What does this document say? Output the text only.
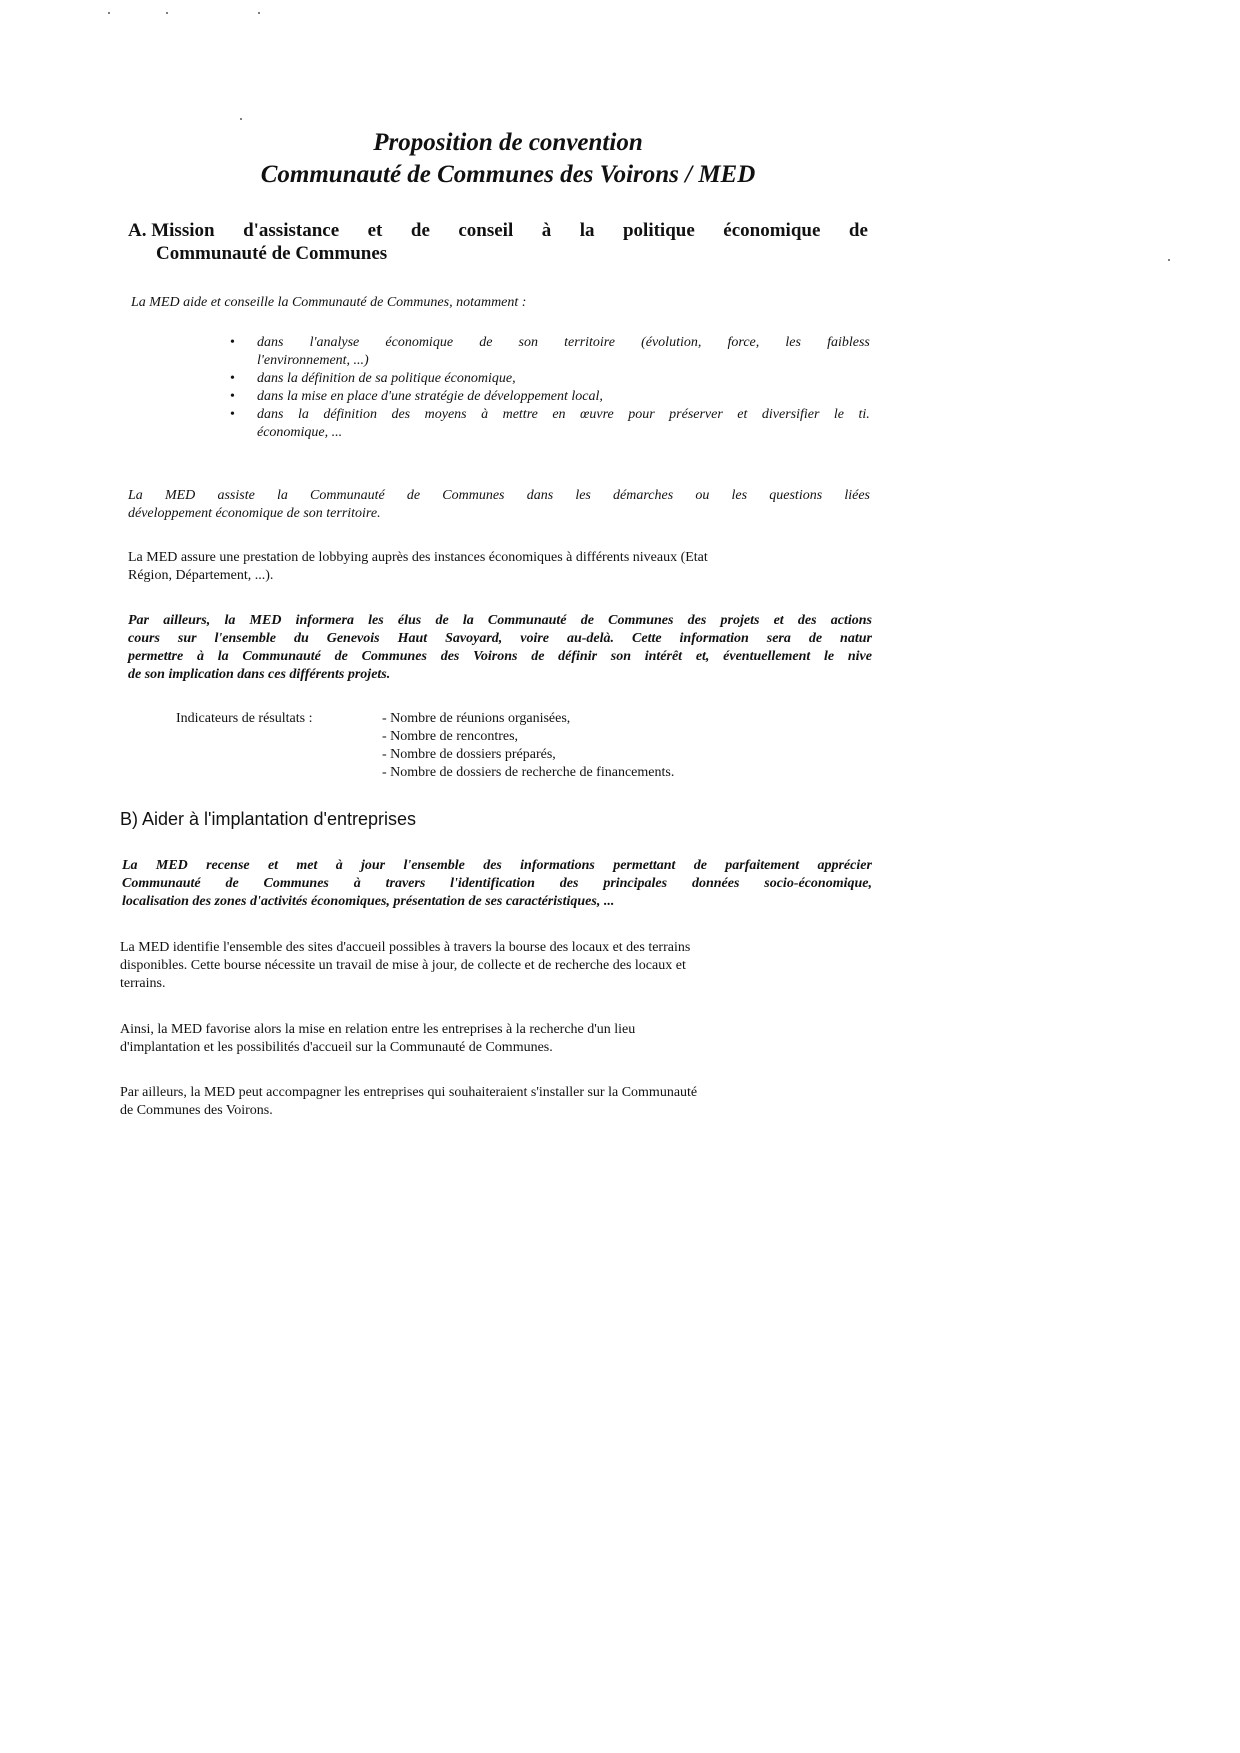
Proposition de convention
Communauté de Communes des Voirons / MED
A. Mission d'assistance et de conseil à la politique économique de
Communauté de Communes
La MED aide et conseille la Communauté de Communes, notamment :
• dans l'analyse économique de son territoire (évolution, force, les faibless
l'environnement, ...)
• dans la définition de sa politique économique,
• dans la mise en place d'une stratégie de développement local,
• dans la définition des moyens à mettre en œuvre pour préserver et diversifier le ti.
économique, ...
La MED assiste la Communauté de Communes dans les démarches ou les questions liées
développement économique de son territoire.
La MED assure une prestation de lobbying auprès des instances économiques à différents niveaux (Etat
Région, Département, ...).
Par ailleurs, la MED informera les élus de la Communauté de Communes des projets et des actions
cours sur l'ensemble du Genevois Haut Savoyard, voire au-delà. Cette information sera de natur
permettre à la Communauté de Communes des Voirons de définir son intérêt et, éventuellement le nive
de son implication dans ces différents projets.
Indicateurs de résultats :	- Nombre de réunions organisées,
- Nombre de rencontres,
- Nombre de dossiers préparés,
- Nombre de dossiers de recherche de financements.
B) Aider à l'implantation d'entreprises
La MED recense et met à jour l'ensemble des informations permettant de parfaitement apprécier
Communauté de Communes à travers l'identification des principales données socio-économique,
localisation des zones d'activités économiques, présentation de ses caractéristiques, ...
La MED identifie l'ensemble des sites d'accueil possibles à travers la bourse des locaux et des terrains
disponibles. Cette bourse nécessite un travail de mise à jour, de collecte et de recherche des locaux et
terrains.
Ainsi, la MED favorise alors la mise en relation entre les entreprises à la recherche d'un lieu
d'implantation et les possibilités d'accueil sur la Communauté de Communes.
Par ailleurs, la MED peut accompagner les entreprises qui souhaiteraient s'installer sur la Communauté
de Communes des Voirons.
